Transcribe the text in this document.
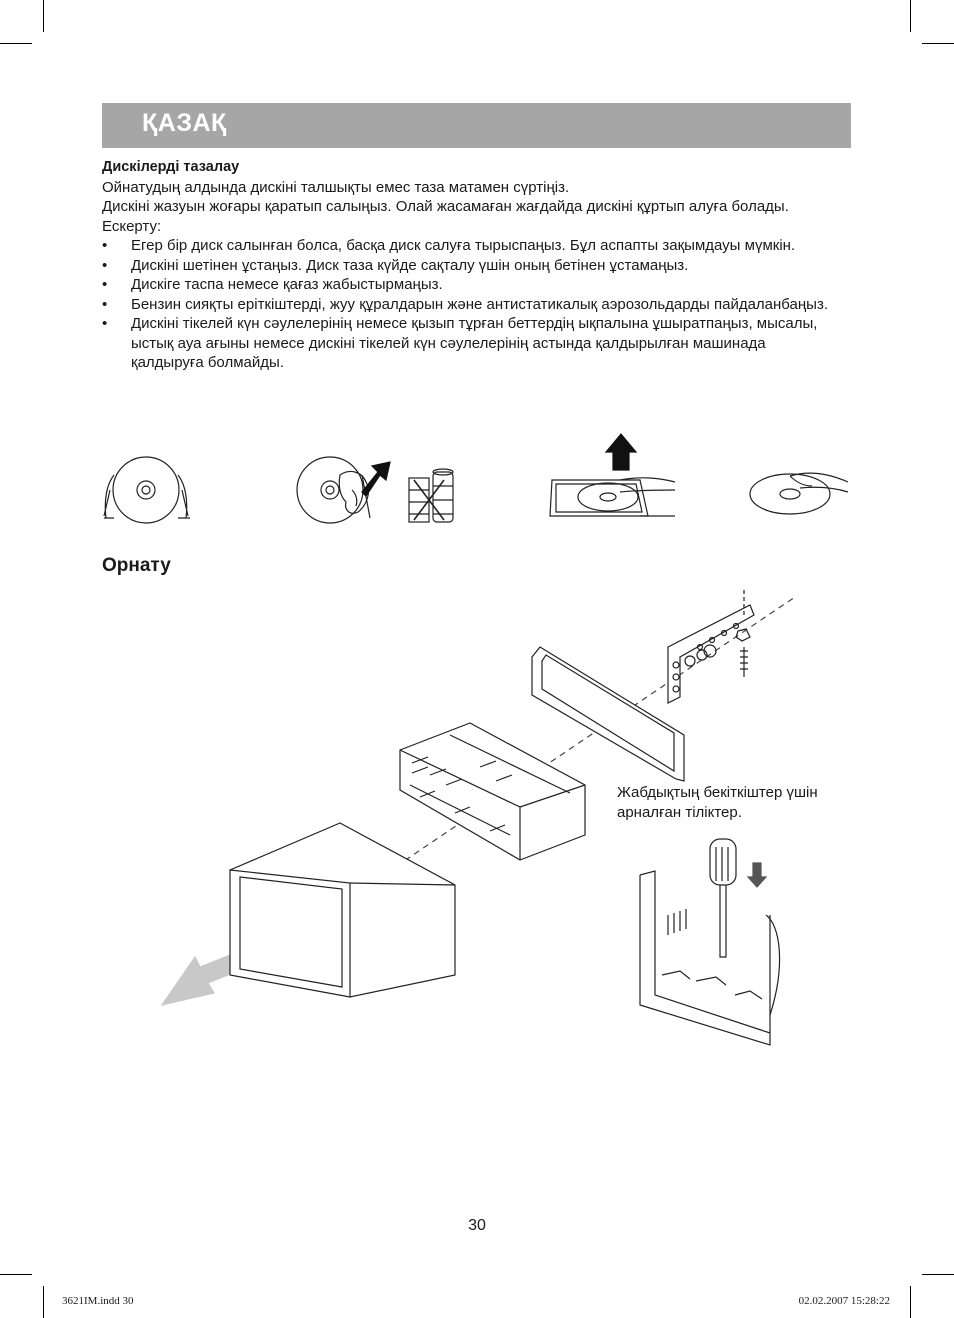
ҚАЗАҚ
Дискілерді тазалау
Ойнатудың алдында дискіні талшықты емес таза матамен сүртіңіз.
Дискіні жазуын жоғары қаратып салыңыз. Олай жасамаған жағдайда дискіні құртып алуға болады.
Ескерту:
• Егер бір диск салынған болса, басқа диск салуға тырыспаңыз. Бұл аспапты зақымдауы мүмкін.
• Дискіні шетінен ұстаңыз. Диск таза күйде сақталу үшін оның бетінен ұстамаңыз.
• Дискіге таспа немесе қағаз жабыстырмаңыз.
• Бензин сияқты еріткіштерді, жуу құралдарын және антистатикалық аэрозольдарды пайдаланбаңыз.
• Дискіні тікелей күн сәулелерінің немесе қызып тұрған беттердің ықпалына ұшыратпаңыз, мысалы, ыстық ауа ағыны немесе дискіні тікелей күн сәулелерінің астында қалдырылған машинада қалдыруға болмайды.
Орнату
Жабдықтың бекіткіштер үшін арналған тіліктер.
30
3621IM.indd 30	02.02.2007 15:28:22
